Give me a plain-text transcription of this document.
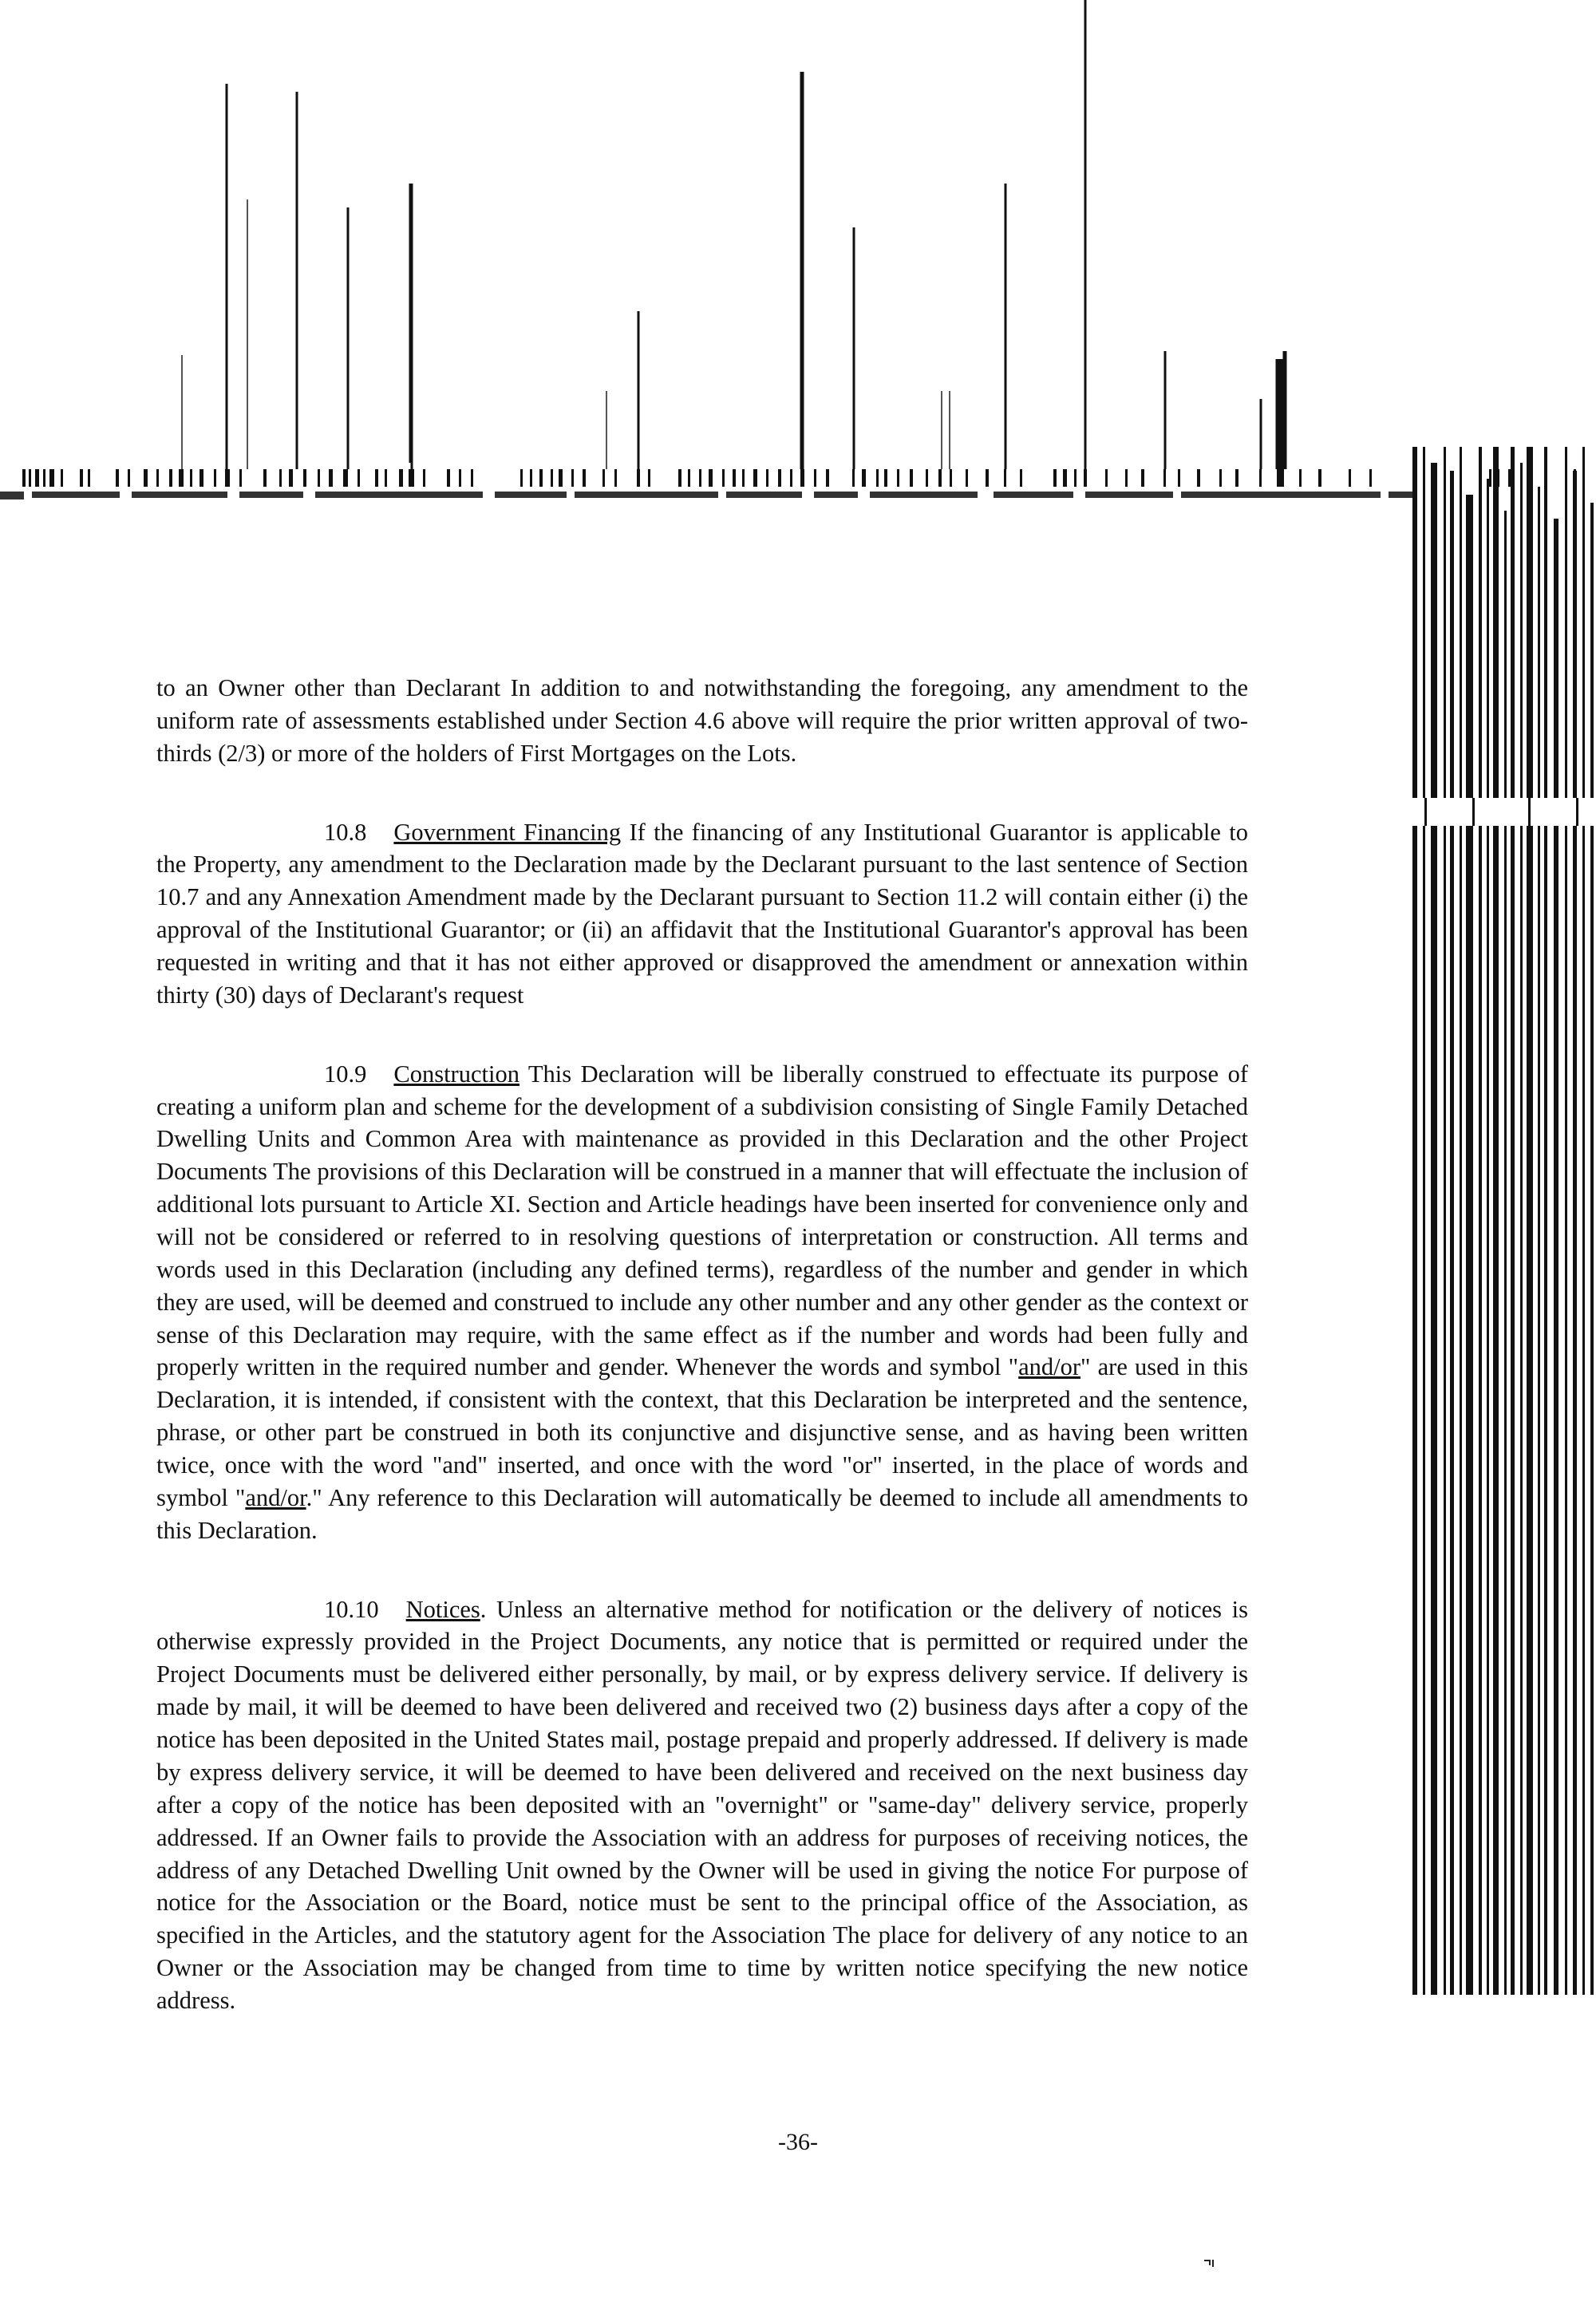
to an Owner other than Declarant In addition to and notwithstanding the foregoing, any amendment to the uniform rate of assessments established under Section 4.6 above will require the prior written approval of two-thirds (2/3) or more of the holders of First Mortgages on the Lots.

10.8 Government Financing If the financing of any Institutional Guarantor is applicable to the Property, any amendment to the Declaration made by the Declarant pursuant to the last sentence of Section 10.7 and any Annexation Amendment made by the Declarant pursuant to Section 11.2 will contain either (i) the approval of the Institutional Guarantor; or (ii) an affidavit that the Institutional Guarantor's approval has been requested in writing and that it has not either approved or disapproved the amendment or annexation within thirty (30) days of Declarant's request

10.9 Construction This Declaration will be liberally construed to effectuate its purpose of creating a uniform plan and scheme for the development of a subdivision consisting of Single Family Detached Dwelling Units and Common Area with maintenance as provided in this Declaration and the other Project Documents The provisions of this Declaration will be construed in a manner that will effectuate the inclusion of additional lots pursuant to Article XI. Section and Article headings have been inserted for convenience only and will not be considered or referred to in resolving questions of interpretation or construction. All terms and words used in this Declaration (including any defined terms), regardless of the number and gender in which they are used, will be deemed and construed to include any other number and any other gender as the context or sense of this Declaration may require, with the same effect as if the number and words had been fully and properly written in the required number and gender. Whenever the words and symbol "and/or" are used in this Declaration, it is intended, if consistent with the context, that this Declaration be interpreted and the sentence, phrase, or other part be construed in both its conjunctive and disjunctive sense, and as having been written twice, once with the word "and" inserted, and once with the word "or" inserted, in the place of words and symbol "and/or." Any reference to this Declaration will automatically be deemed to include all amendments to this Declaration.

10.10 Notices. Unless an alternative method for notification or the delivery of notices is otherwise expressly provided in the Project Documents, any notice that is permitted or required under the Project Documents must be delivered either personally, by mail, or by express delivery service. If delivery is made by mail, it will be deemed to have been delivered and received two (2) business days after a copy of the notice has been deposited in the United States mail, postage prepaid and properly addressed. If delivery is made by express delivery service, it will be deemed to have been delivered and received on the next business day after a copy of the notice has been deposited with an "overnight" or "same-day" delivery service, properly addressed. If an Owner fails to provide the Association with an address for purposes of receiving notices, the address of any Detached Dwelling Unit owned by the Owner will be used in giving the notice For purpose of notice for the Association or the Board, notice must be sent to the principal office of the Association, as specified in the Articles, and the statutory agent for the Association The place for delivery of any notice to an Owner or the Association may be changed from time to time by written notice specifying the new notice address.

-36-
